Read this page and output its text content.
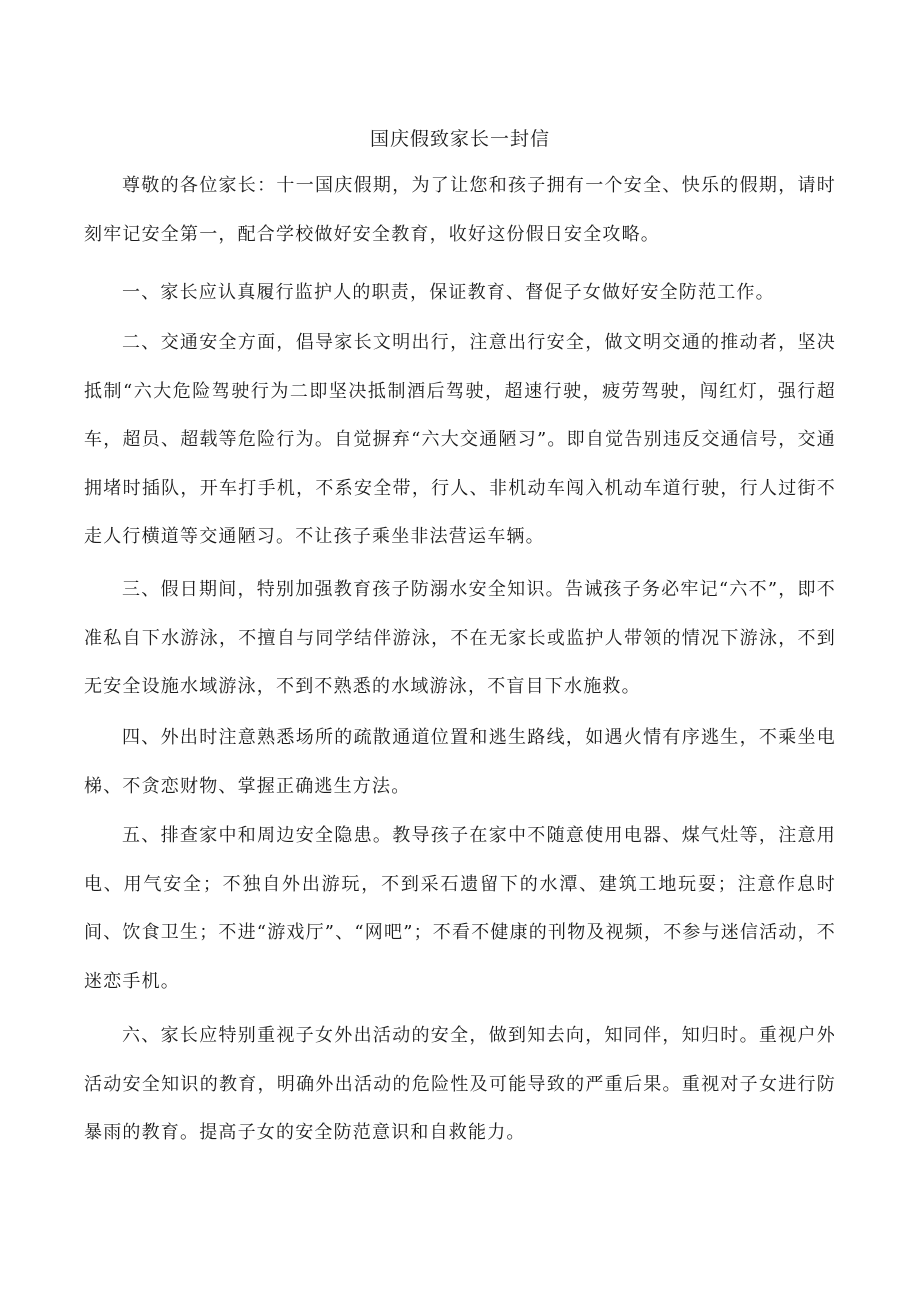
国庆假致家长一封信

尊敬的各位家长：十一国庆假期，为了让您和孩子拥有一个安全、快乐的假期，请时刻牢记安全第一，配合学校做好安全教育，收好这份假日安全攻略。

一、家长应认真履行监护人的职责，保证教育、督促子女做好安全防范工作。

二、交通安全方面，倡导家长文明出行，注意出行安全，做文明交通的推动者，坚决抵制“六大危险驾驶行为二即坚决抵制酒后驾驶，超速行驶，疲劳驾驶，闯红灯，强行超车，超员、超载等危险行为。自觉摒弃“六大交通陋习”。即自觉告别违反交通信号，交通拥堵时插队，开车打手机，不系安全带，行人、非机动车闯入机动车道行驶，行人过街不走人行横道等交通陋习。不让孩子乘坐非法营运车辆。

三、假日期间，特别加强教育孩子防溺水安全知识。告诫孩子务必牢记“六不”，即不准私自下水游泳，不擅自与同学结伴游泳，不在无家长或监护人带领的情况下游泳，不到无安全设施水域游泳，不到不熟悉的水域游泳，不盲目下水施救。

四、外出时注意熟悉场所的疏散通道位置和逃生路线，如遇火情有序逃生，不乘坐电梯、不贪恋财物、掌握正确逃生方法。

五、排查家中和周边安全隐患。教导孩子在家中不随意使用电器、煤气灶等，注意用电、用气安全；不独自外出游玩，不到采石遗留下的水潭、建筑工地玩耍；注意作息时间、饮食卫生；不进“游戏厅”、“网吧”；不看不健康的刊物及视频，不参与迷信活动，不迷恋手机。

六、家长应特别重视子女外出活动的安全，做到知去向，知同伴，知归时。重视户外活动安全知识的教育，明确外出活动的危险性及可能导致的严重后果。重视对子女进行防暴雨的教育。提高子女的安全防范意识和自救能力。
